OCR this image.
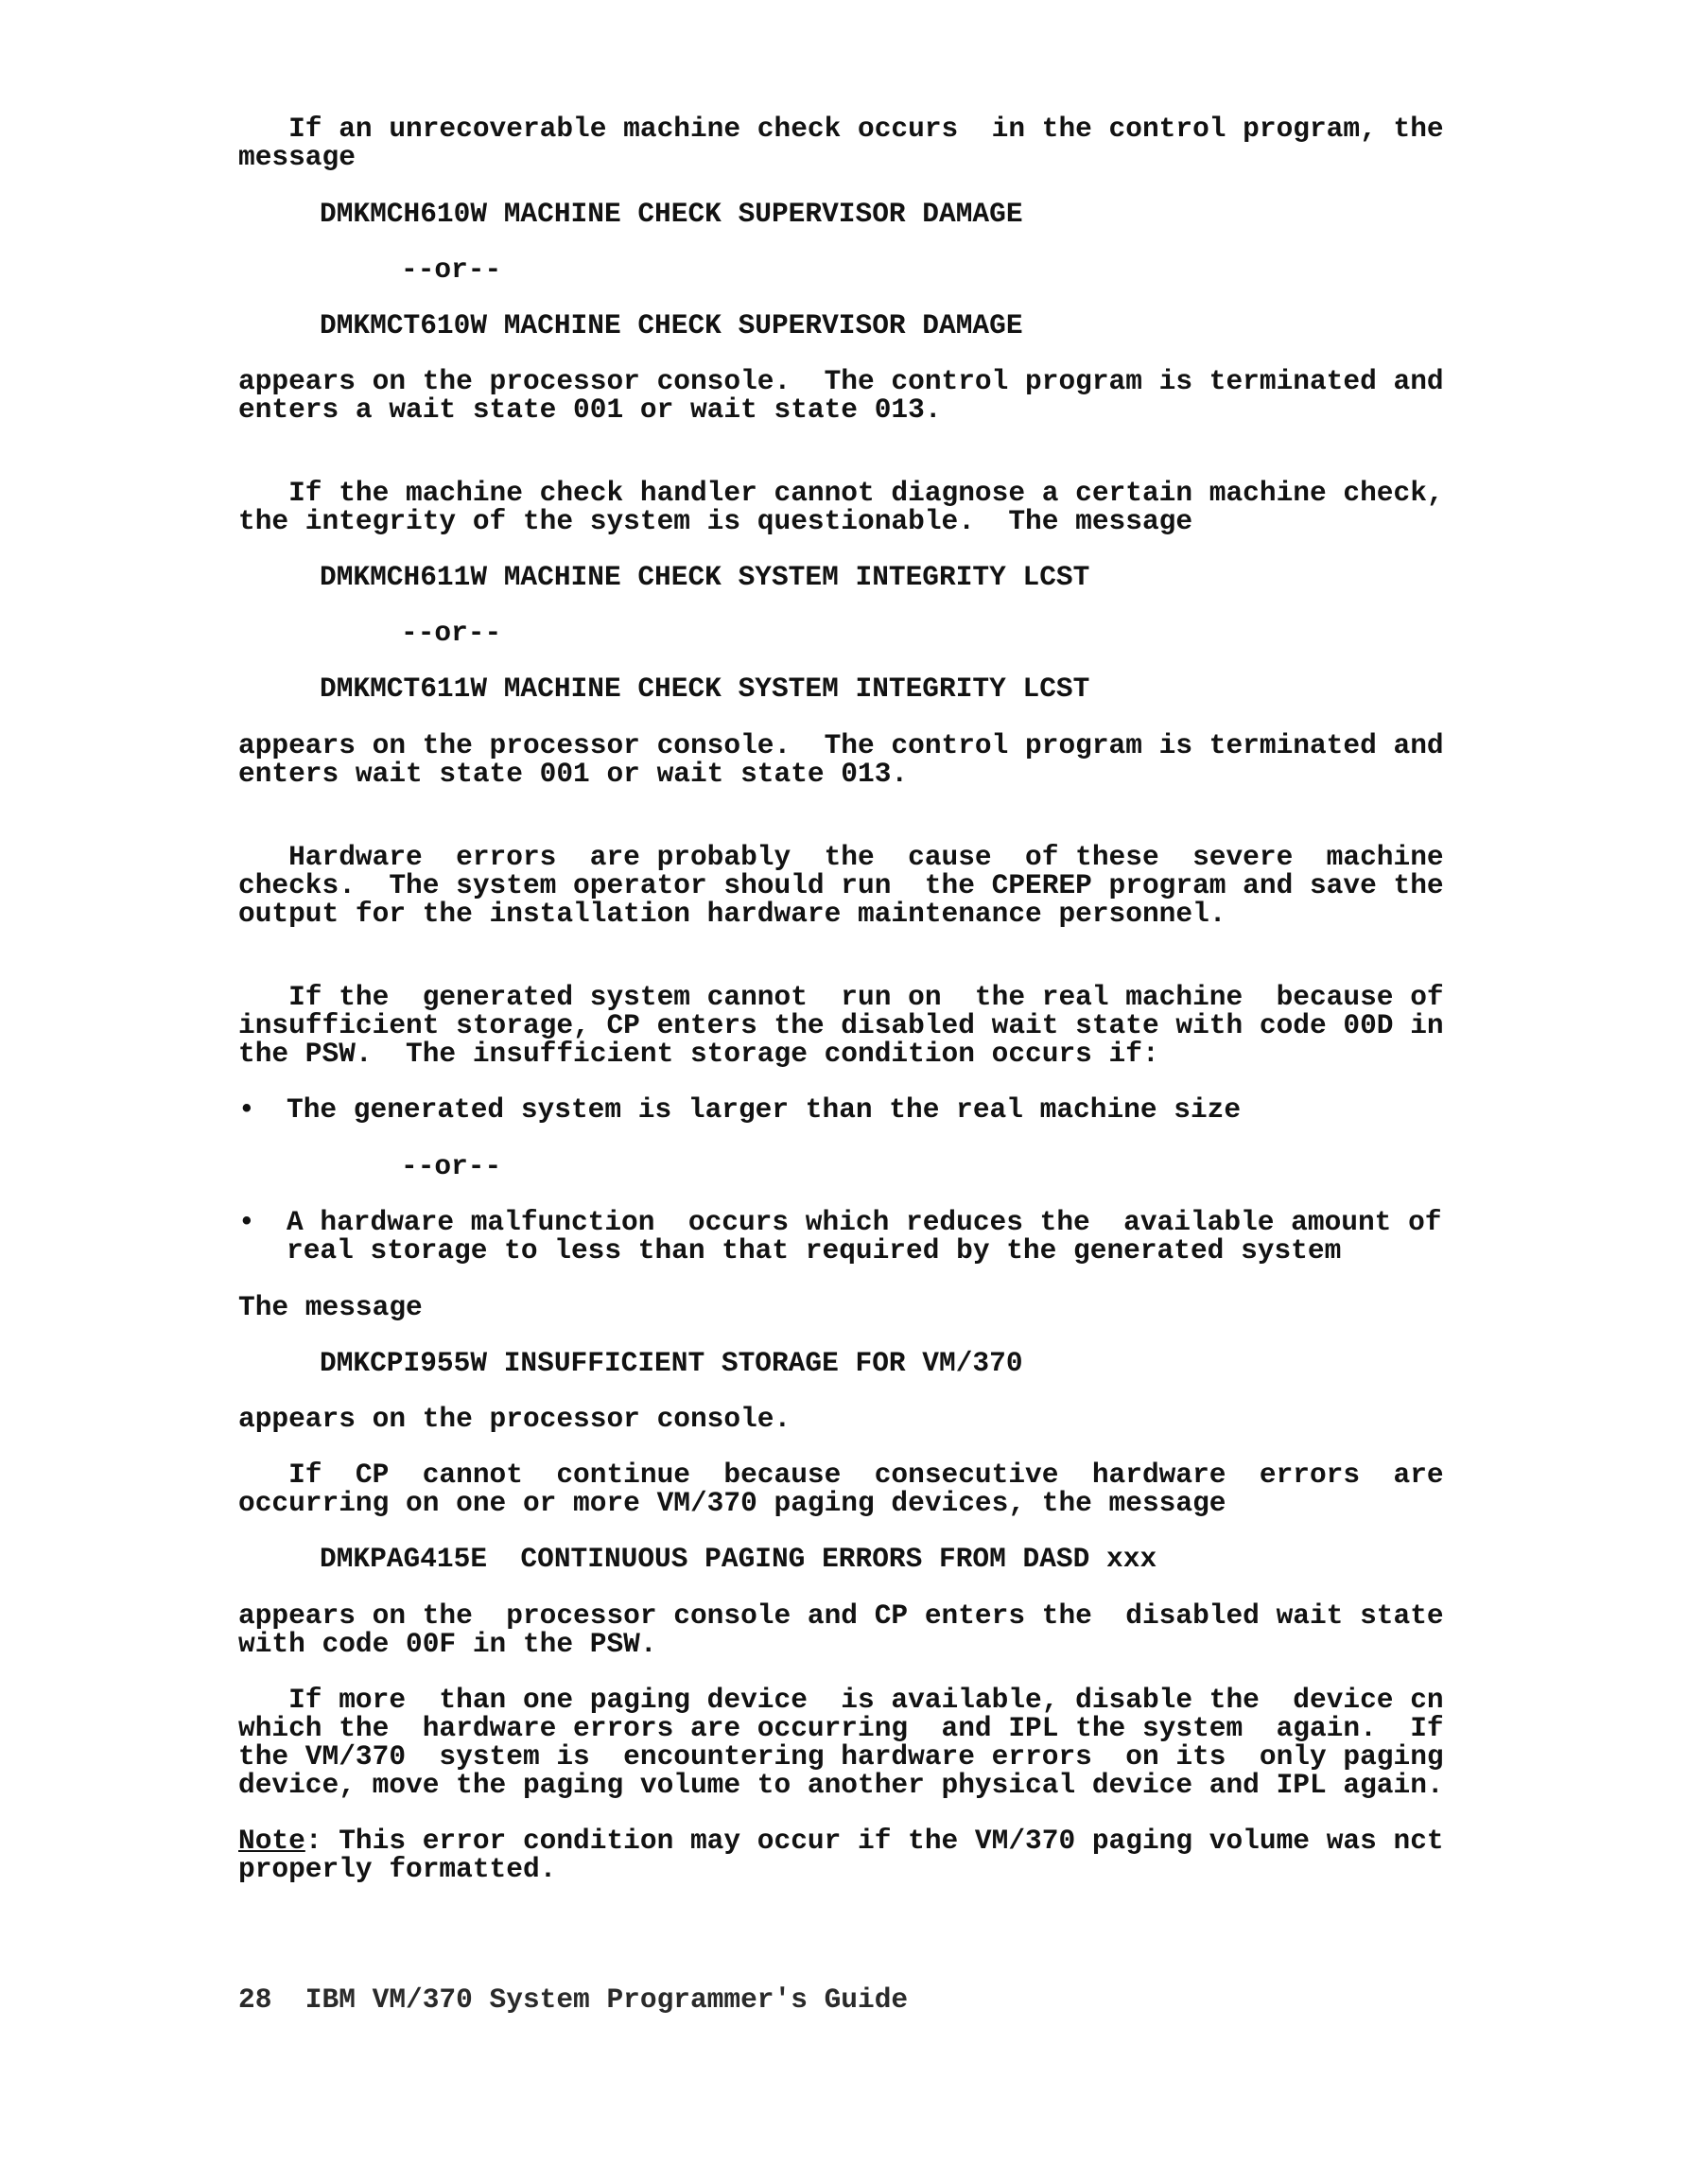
If an unrecoverable machine check occurs  in the control program, the
message
DMKMCH610W MACHINE CHECK SUPERVISOR DAMAGE
--or--
DMKMCT610W MACHINE CHECK SUPERVISOR DAMAGE
appears on the processor console.  The control program is terminated and
enters a wait state 001 or wait state 013.
If the machine check handler cannot diagnose a certain machine check,
the integrity of the system is questionable.  The message
DMKMCH611W MACHINE CHECK SYSTEM INTEGRITY LCST
--or--
DMKMCT611W MACHINE CHECK SYSTEM INTEGRITY LCST
appears on the processor console.  The control program is terminated and
enters wait state 001 or wait state 013.
Hardware  errors  are probably  the  cause  of these  severe  machine
checks.  The system operator should run  the CPEREP program and save the
output for the installation hardware maintenance personnel.
If the  generated system cannot  run on  the real machine  because of
insufficient storage, CP enters the disabled wait state with code 00D in
the PSW.  The insufficient storage condition occurs if:
• The generated system is larger than the real machine size
--or--
• A hardware malfunction  occurs which reduces the  available amount of
real storage to less than that required by the generated system
The message
DMKCPI955W INSUFFICIENT STORAGE FOR VM/370
appears on the processor console.
If  CP  cannot  continue  because  consecutive  hardware  errors  are
occurring on one or more VM/370 paging devices, the message
DMKPAG415E  CONTINUOUS PAGING ERRORS FROM DASD xxx
appears on the  processor console and CP enters the  disabled wait state
with code 00F in the PSW.
If more  than one paging device  is available, disable the  device cn
which the  hardware errors are occurring  and IPL the system  again.  If
the VM/370  system is  encountering hardware errors  on its  only paging
device, move the paging volume to another physical device and IPL again.
Note: This error condition may occur if the VM/370 paging volume was nct
properly formatted.
28  IBM VM/370 System Programmer's Guide
